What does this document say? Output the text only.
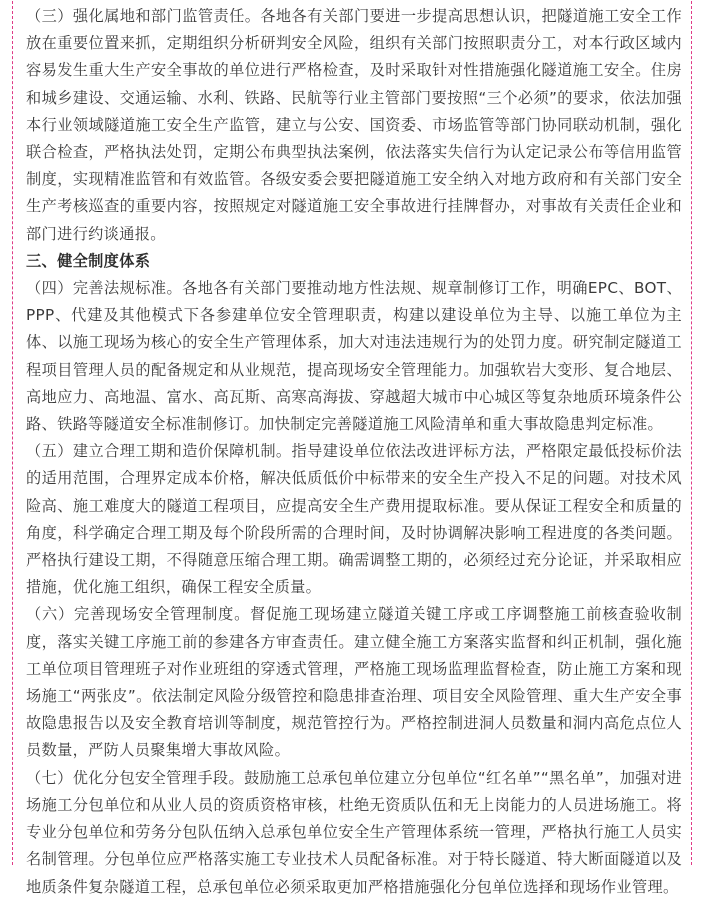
（三）强化属地和部门监管责任。各地各有关部门要进一步提高思想认识，把隧道施工安全工作放在重要位置来抓，定期组织分析研判安全风险，组织有关部门按照职责分工，对本行政区域内容易发生重大生产安全事故的单位进行严格检查，及时采取针对性措施强化隧道施工安全。住房和城乡建设、交通运输、水利、铁路、民航等行业主管部门要按照“三个必须”的要求，依法加强本行业领域隧道施工安全生产监管，建立与公安、国资委、市场监管等部门协同联动机制，强化联合检查，严格执法处罚，定期公布典型执法案例，依法落实失信行为认定记录公布等信用监管制度，实现精准监管和有效监管。各级安委会要把隧道施工安全纳入对地方政府和有关部门安全生产考核巡查的重要内容，按照规定对隧道施工安全事故进行挂牌督办，对事故有关责任企业和部门进行约谈通报。

三、健全制度体系

（四）完善法规标准。各地各有关部门要推动地方性法规、规章制修订工作，明确EPC、BOT、PPP、代建及其他模式下各参建单位安全管理职责，构建以建设单位为主导、以施工单位为主体、以施工现场为核心的安全生产管理体系，加大对违法违规行为的处罚力度。研究制定隧道工程项目管理人员的配备规定和从业规范，提高现场安全管理能力。加强软岩大变形、复合地层、高地应力、高地温、富水、高瓦斯、高寒高海拔、穿越超大城市中心城区等复杂地质环境条件公路、铁路等隧道安全标准制修订。加快制定完善隧道施工风险清单和重大事故隐患判定标准。

（五）建立合理工期和造价保障机制。指导建设单位依法改进评标方法，严格限定最低投标价法的适用范围，合理界定成本价格，解决低质低价中标带来的安全生产投入不足的问题。对技术风险高、施工难度大的隧道工程项目，应提高安全生产费用提取标准。要从保证工程安全和质量的角度，科学确定合理工期及每个阶段所需的合理时间，及时协调解决影响工程进度的各类问题。严格执行建设工期，不得随意压缩合理工期。确需调整工期的，必须经过充分论证，并采取相应措施，优化施工组织，确保工程安全质量。

（六）完善现场安全管理制度。督促施工现场建立隧道关键工序或工序调整施工前核查验收制度，落实关键工序施工前的参建各方审查责任。建立健全施工方案落实监督和纠正机制，强化施工单位项目管理班子对作业班组的穿透式管理，严格施工现场监理监督检查，防止施工方案和现场施工“两张皮”。依法制定风险分级管控和隐患排查治理、项目安全风险管理、重大生产安全事故隐患报告以及安全教育培训等制度，规范管控行为。严格控制进洞人员数量和洞内高危点位人员数量，严防人员聚集增大事故风险。

（七）优化分包安全管理手段。鼓励施工总承包单位建立分包单位“红名单”“黑名单”，加强对进场施工分包单位和从业人员的资质资格审核，杜绝无资质队伍和无上岗能力的人员进场施工。将专业分包单位和劳务分包队伍纳入总承包单位安全生产管理体系统一管理，严格执行施工人员实名制管理。分包单位应严格落实施工专业技术人员配备标准。对于特长隧道、特大断面隧道以及地质条件复杂隧道工程，总承包单位必须采取更加严格措施强化分包单位选择和现场作业管理。
